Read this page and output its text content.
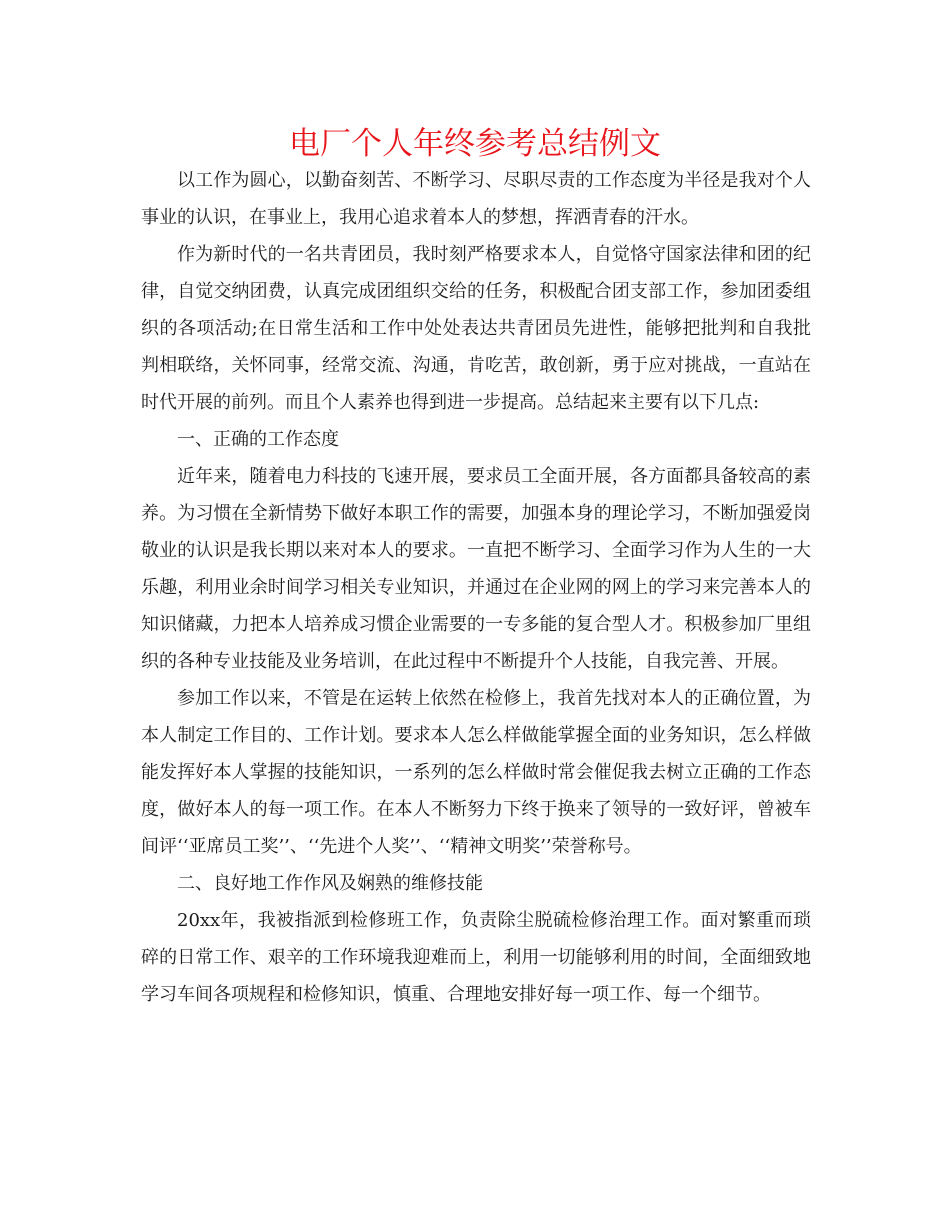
电厂个人年终参考总结例文

以工作为圆心，以勤奋刻苦、不断学习、尽职尽责的工作态度为半径是我对个人事业的认识，在事业上，我用心追求着本人的梦想，挥洒青春的汗水。

作为新时代的一名共青团员，我时刻严格要求本人，自觉恪守国家法律和团的纪律，自觉交纳团费，认真完成团组织交给的任务，积极配合团支部工作，参加团委组织的各项活动;在日常生活和工作中处处表达共青团员先进性，能够把批判和自我批判相联络，关怀同事，经常交流、沟通，肯吃苦，敢创新，勇于应对挑战，一直站在时代开展的前列。而且个人素养也得到进一步提高。总结起来主要有以下几点:

一、正确的工作态度

近年来，随着电力科技的飞速开展，要求员工全面开展，各方面都具备较高的素养。为习惯在全新情势下做好本职工作的需要，加强本身的理论学习，不断加强爱岗敬业的认识是我长期以来对本人的要求。一直把不断学习、全面学习作为人生的一大乐趣，利用业余时间学习相关专业知识，并通过在企业网的网上的学习来完善本人的知识储藏，力把本人培养成习惯企业需要的一专多能的复合型人才。积极参加厂里组织的各种专业技能及业务培训，在此过程中不断提升个人技能，自我完善、开展。

参加工作以来，不管是在运转上依然在检修上，我首先找对本人的正确位置，为本人制定工作目的、工作计划。要求本人怎么样做能掌握全面的业务知识，怎么样做能发挥好本人掌握的技能知识，一系列的怎么样做时常会催促我去树立正确的工作态度，做好本人的每一项工作。在本人不断努力下终于换来了领导的一致好评，曾被车间评‘‘亚席员工奖’’、‘‘先进个人奖’’、‘‘精神文明奖’’荣誉称号。

二、良好地工作作风及娴熟的维修技能

20xx年，我被指派到检修班工作，负责除尘脱硫检修治理工作。面对繁重而琐碎的日常工作、艰辛的工作环境我迎难而上，利用一切能够利用的时间，全面细致地学习车间各项规程和检修知识，慎重、合理地安排好每一项工作、每一个细节。
